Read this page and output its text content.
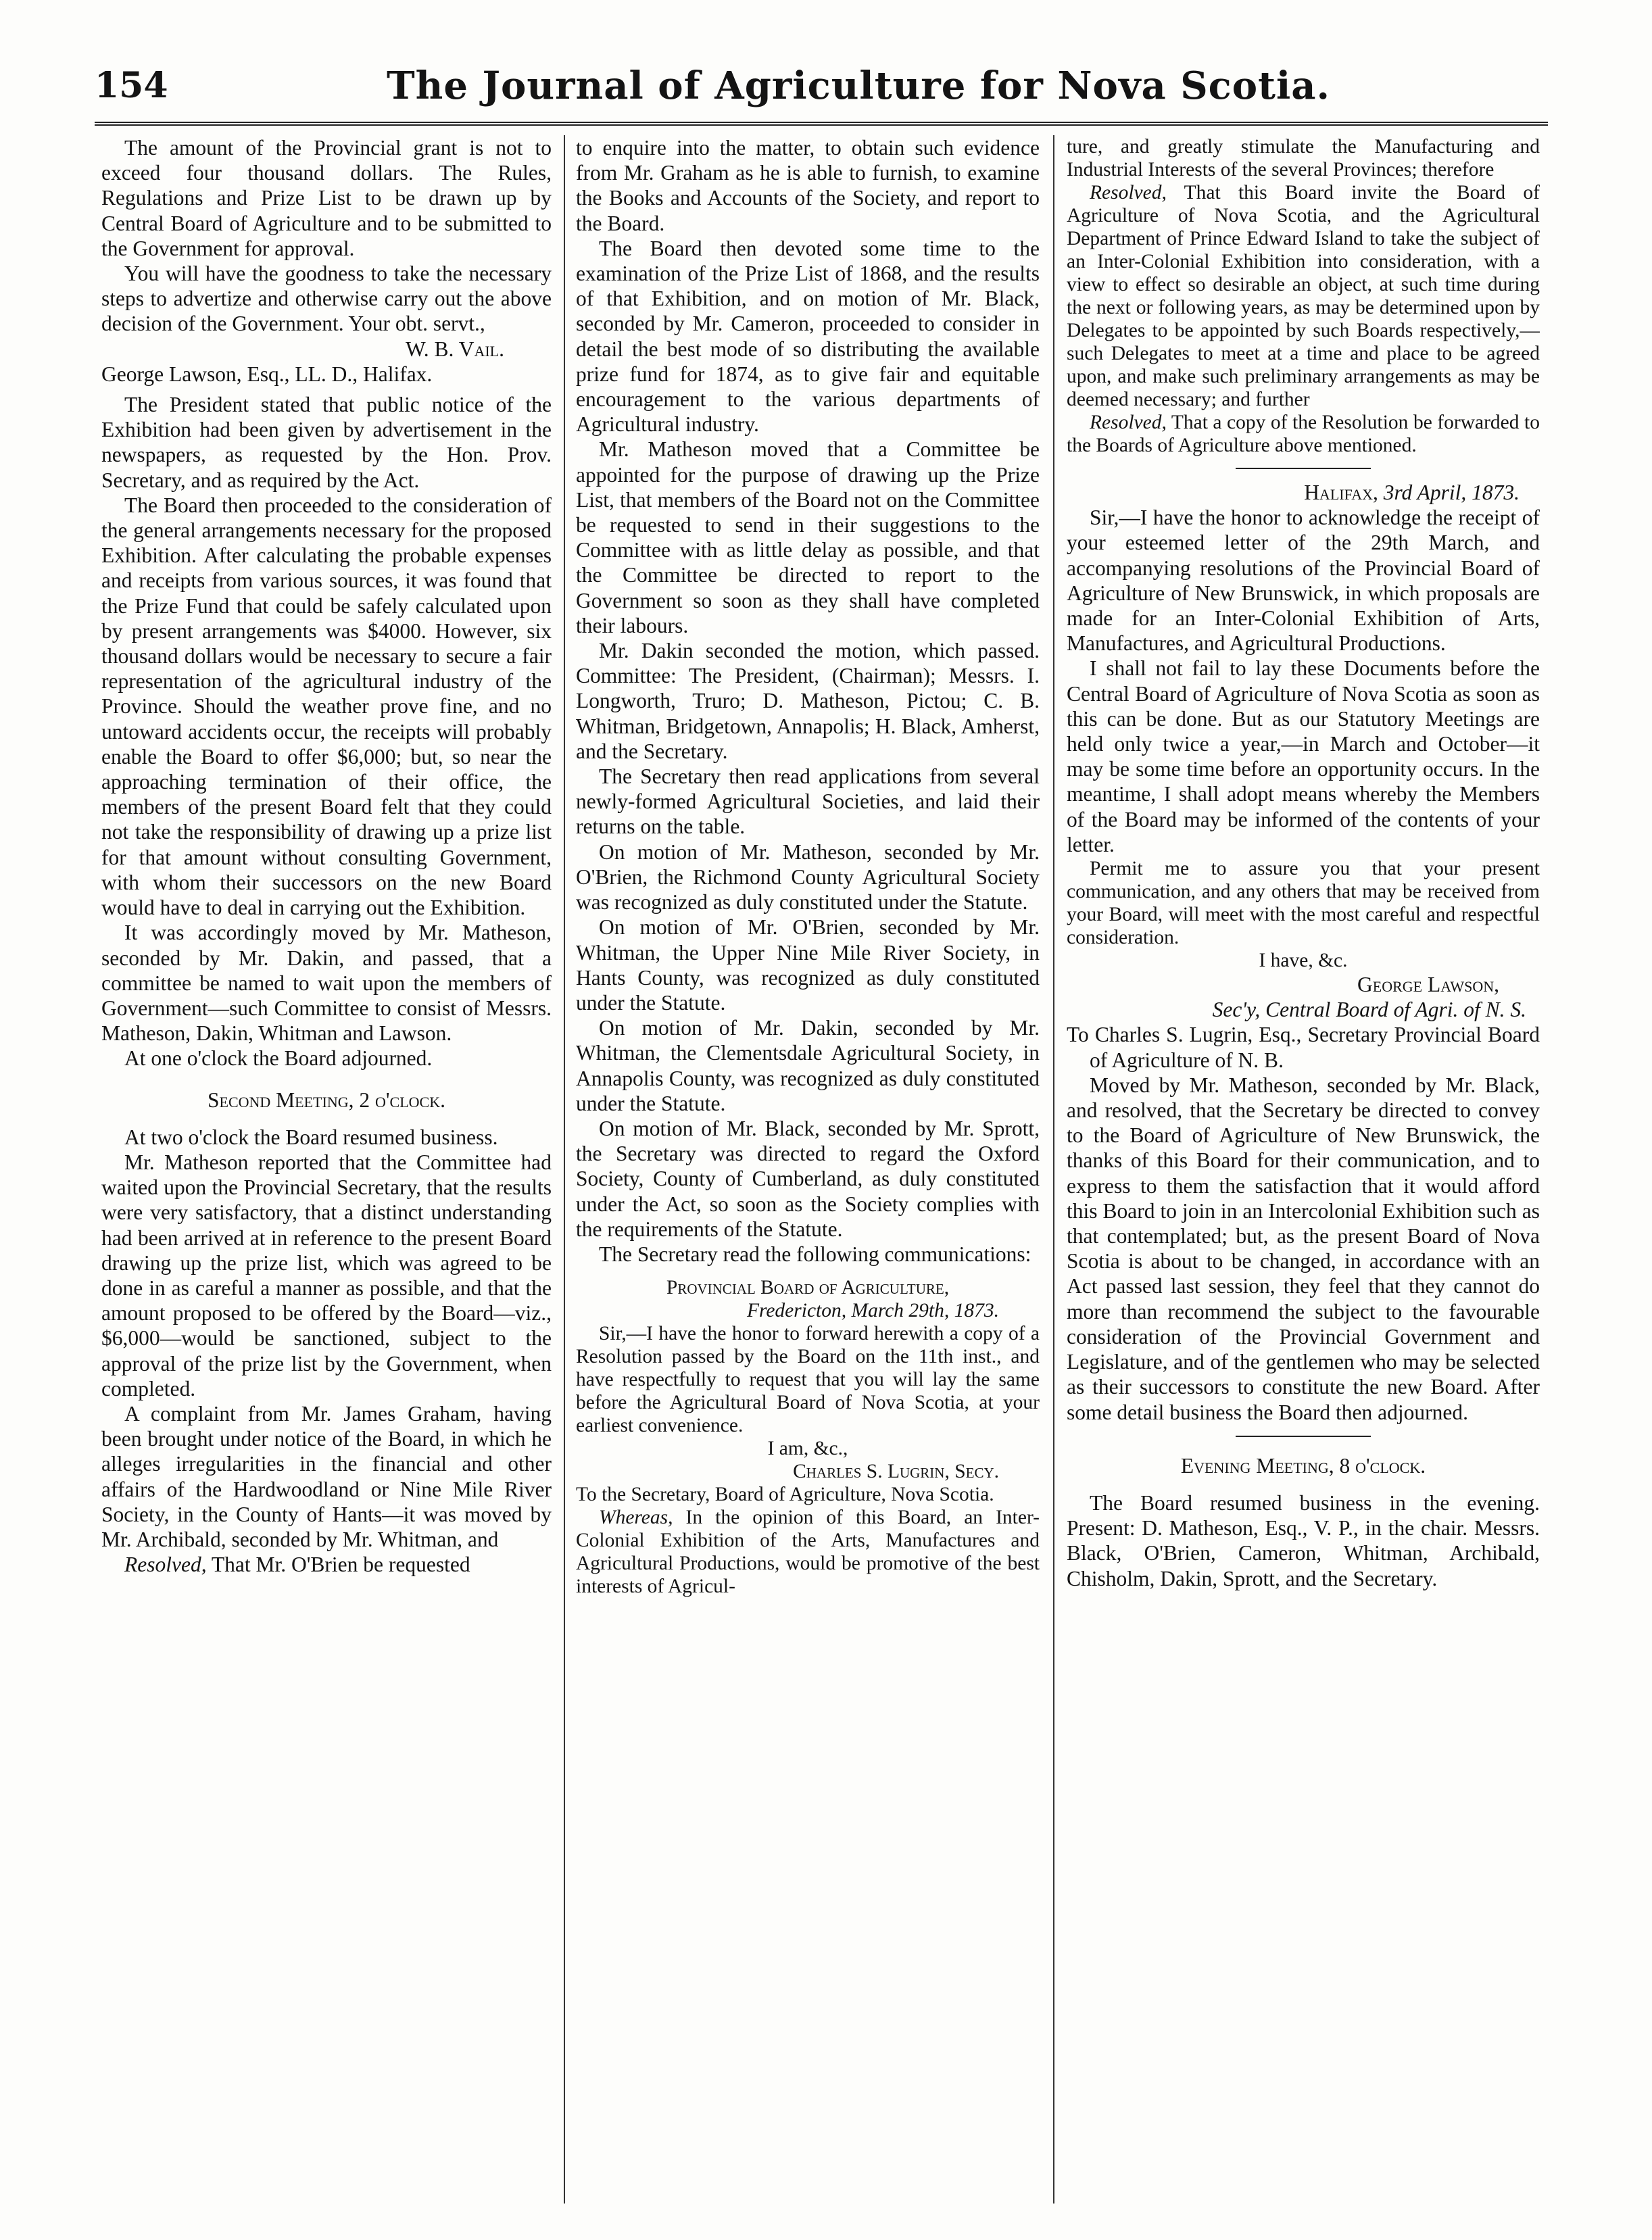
154	The Journal of Agriculture for Nova Scotia.

The amount of the Provincial grant is not to exceed four thousand dollars. The Rules, Regulations and Prize List to be drawn up by Central Board of Agriculture and to be submitted to the Government for approval.

You will have the goodness to take the necessary steps to advertize and otherwise carry out the above decision of the Government. Your obt. servt.,

W. B. Vail.

George Lawson, Esq., LL. D., Halifax.

The President stated that public notice of the Exhibition had been given by advertisement in the newspapers, as requested by the Hon. Prov. Secretary, and as required by the Act.

The Board then proceeded to the consideration of the general arrangements necessary for the proposed Exhibition. After calculating the probable expenses and receipts from various sources, it was found that the Prize Fund that could be safely calculated upon by present arrangements was $4000. However, six thousand dollars would be necessary to secure a fair representation of the agricultural industry of the Province. Should the weather prove fine, and no untoward accidents occur, the receipts will probably enable the Board to offer $6,000; but, so near the approaching termination of their office, the members of the present Board felt that they could not take the responsibility of drawing up a prize list for that amount without consulting Government, with whom their successors on the new Board would have to deal in carrying out the Exhibition.

It was accordingly moved by Mr. Matheson, seconded by Mr. Dakin, and passed, that a committee be named to wait upon the members of Government—such Committee to consist of Messrs. Matheson, Dakin, Whitman and Lawson.

At one o'clock the Board adjourned.

Second Meeting, 2 o'clock.

At two o'clock the Board resumed business.

Mr. Matheson reported that the Committee had waited upon the Provincial Secretary, that the results were very satisfactory, that a distinct understanding had been arrived at in reference to the present Board drawing up the prize list, which was agreed to be done in as careful a manner as possible, and that the amount proposed to be offered by the Board—viz., $6,000—would be sanctioned, subject to the approval of the prize list by the Government, when completed.

A complaint from Mr. James Graham, having been brought under notice of the Board, in which he alleges irregularities in the financial and other affairs of the Hardwoodland or Nine Mile River Society, in the County of Hants—it was moved by Mr. Archibald, seconded by Mr. Whitman, and

Resolved, That Mr. O'Brien be requested

to enquire into the matter, to obtain such evidence from Mr. Graham as he is able to furnish, to examine the Books and Accounts of the Society, and report to the Board.

The Board then devoted some time to the examination of the Prize List of 1868, and the results of that Exhibition, and on motion of Mr. Black, seconded by Mr. Cameron, proceeded to consider in detail the best mode of so distributing the available prize fund for 1874, as to give fair and equitable encouragement to the various departments of Agricultural industry.

Mr. Matheson moved that a Committee be appointed for the purpose of drawing up the Prize List, that members of the Board not on the Committee be requested to send in their suggestions to the Committee with as little delay as possible, and that the Committee be directed to report to the Government so soon as they shall have completed their labours.

Mr. Dakin seconded the motion, which passed. Committee: The President, (Chairman); Messrs. I. Longworth, Truro; D. Matheson, Pictou; C. B. Whitman, Bridgetown, Annapolis; H. Black, Amherst, and the Secretary.

The Secretary then read applications from several newly-formed Agricultural Societies, and laid their returns on the table.

On motion of Mr. Matheson, seconded by Mr. O'Brien, the Richmond County Agricultural Society was recognized as duly constituted under the Statute.

On motion of Mr. O'Brien, seconded by Mr. Whitman, the Upper Nine Mile River Society, in Hants County, was recognized as duly constituted under the Statute.

On motion of Mr. Dakin, seconded by Mr. Whitman, the Clementsdale Agricultural Society, in Annapolis County, was recognized as duly constituted under the Statute.

On motion of Mr. Black, seconded by Mr. Sprott, the Secretary was directed to regard the Oxford Society, County of Cumberland, as duly constituted under the Act, so soon as the Society complies with the requirements of the Statute.

The Secretary read the following communications:

Provincial Board of Agriculture,

Fredericton, March 29th, 1873.

Sir,—I have the honor to forward herewith a copy of a Resolution passed by the Board on the 11th inst., and have respectfully to request that you will lay the same before the Agricultural Board of Nova Scotia, at your earliest convenience.

I am, &c.,

Charles S. Lugrin, Secy.

To the Secretary, Board of Agriculture, Nova Scotia.

Whereas, In the opinion of this Board, an Inter-Colonial Exhibition of the Arts, Manufactures and Agricultural Productions, would be promotive of the best interests of Agricul-

ture, and greatly stimulate the Manufacturing and Industrial Interests of the several Provinces; therefore

Resolved, That this Board invite the Board of Agriculture of Nova Scotia, and the Agricultural Department of Prince Edward Island to take the subject of an Inter-Colonial Exhibition into consideration, with a view to effect so desirable an object, at such time during the next or following years, as may be determined upon by Delegates to be appointed by such Boards respectively,—such Delegates to meet at a time and place to be agreed upon, and make such preliminary arrangements as may be deemed necessary; and further

Resolved, That a copy of the Resolution be forwarded to the Boards of Agriculture above mentioned.

Halifax, 3rd April, 1873.

Sir,—I have the honor to acknowledge the receipt of your esteemed letter of the 29th March, and accompanying resolutions of the Provincial Board of Agriculture of New Brunswick, in which proposals are made for an Inter-Colonial Exhibition of Arts, Manufactures, and Agricultural Productions.

I shall not fail to lay these Documents before the Central Board of Agriculture of Nova Scotia as soon as this can be done. But as our Statutory Meetings are held only twice a year,—in March and October—it may be some time before an opportunity occurs. In the meantime, I shall adopt means whereby the Members of the Board may be informed of the contents of your letter.

Permit me to assure you that your present communication, and any others that may be received from your Board, will meet with the most careful and respectful consideration.

I have, &c.

George Lawson,

Sec'y, Central Board of Agri. of N. S.

To Charles S. Lugrin, Esq., Secretary Provincial Board of Agriculture of N. B.

Moved by Mr. Matheson, seconded by Mr. Black, and resolved, that the Secretary be directed to convey to the Board of Agriculture of New Brunswick, the thanks of this Board for their communication, and to express to them the satisfaction that it would afford this Board to join in an Intercolonial Exhibition such as that contemplated; but, as the present Board of Nova Scotia is about to be changed, in accordance with an Act passed last session, they feel that they cannot do more than recommend the subject to the favourable consideration of the Provincial Government and Legislature, and of the gentlemen who may be selected as their successors to constitute the new Board. After some detail business the Board then adjourned.

Evening Meeting, 8 o'clock.

The Board resumed business in the evening. Present: D. Matheson, Esq., V. P., in the chair. Messrs. Black, O'Brien, Cameron, Whitman, Archibald, Chisholm, Dakin, Sprott, and the Secretary.
